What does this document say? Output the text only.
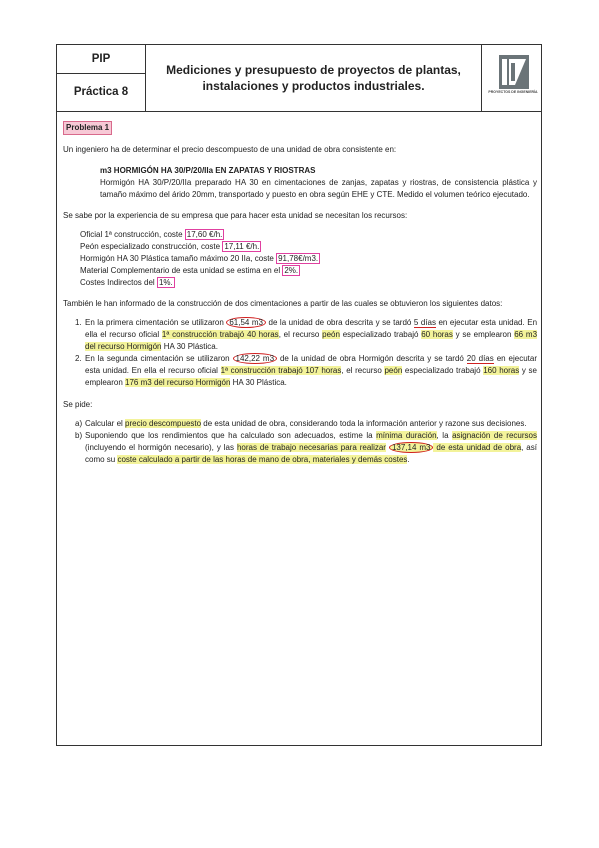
PIP
Práctica 8
Mediciones y presupuesto de proyectos de plantas, instalaciones y productos industriales.	PROYECTOS DE INGENIERÍA

Problema 1

Un ingeniero ha de determinar el precio descompuesto de una unidad de obra consistente en:

m3 HORMIGÓN HA 30/P/20/IIa EN ZAPATAS Y RIOSTRAS

Hormigón HA 30/P/20/IIa preparado HA 30 en cimentaciones de zanjas, zapatas y riostras, de consistencia plástica y tamaño máximo del árido 20mm, transportado y puesto en obra según EHE y CTE. Medido el volumen teórico ejecutado.

Se sabe por la experiencia de su empresa que para hacer esta unidad se necesitan los recursos:

Oficial 1ª construcción, coste 17,60 €/h.

Peón especializado construcción, coste 17,11 €/h.

Hormigón HA 30 Plástica tamaño máximo 20 IIa, coste 91,78€/m3.

Material Complementario de esta unidad se estima en el 2%.

Costes Indirectos del 1%.

También le han informado de la construcción de dos cimentaciones a partir de las cuales se obtuvieron los siguientes datos:

1. En la primera cimentación se utilizaron 61,54 m3 de la unidad de obra descrita y se tardó 5 días en ejecutar esta unidad. En ella el recurso oficial 1ª construcción trabajó 40 horas, el recurso peón especializado trabajó 60 horas y se emplearon 66 m3 del recurso Hormigón HA 30 Plástica.

2. En la segunda cimentación se utilizaron 142,22 m3 de la unidad de obra Hormigón descrita y se tardó 20 días en ejecutar esta unidad. En ella el recurso oficial 1ª construcción trabajó 107 horas, el recurso peón especializado trabajó 160 horas y se emplearon 176 m3 del recurso Hormigón HA 30 Plástica.

Se pide:

a) Calcular el precio descompuesto de esta unidad de obra, considerando toda la información anterior y razone sus decisiones.

b) Suponiendo que los rendimientos que ha calculado son adecuados, estime la mínima duración, la asignación de recursos (incluyendo el hormigón necesario), y las horas de trabajo necesarias para realizar 137,14 m3 de esta unidad de obra, así como su coste calculado a partir de las horas de mano de obra, materiales y demás costes.
